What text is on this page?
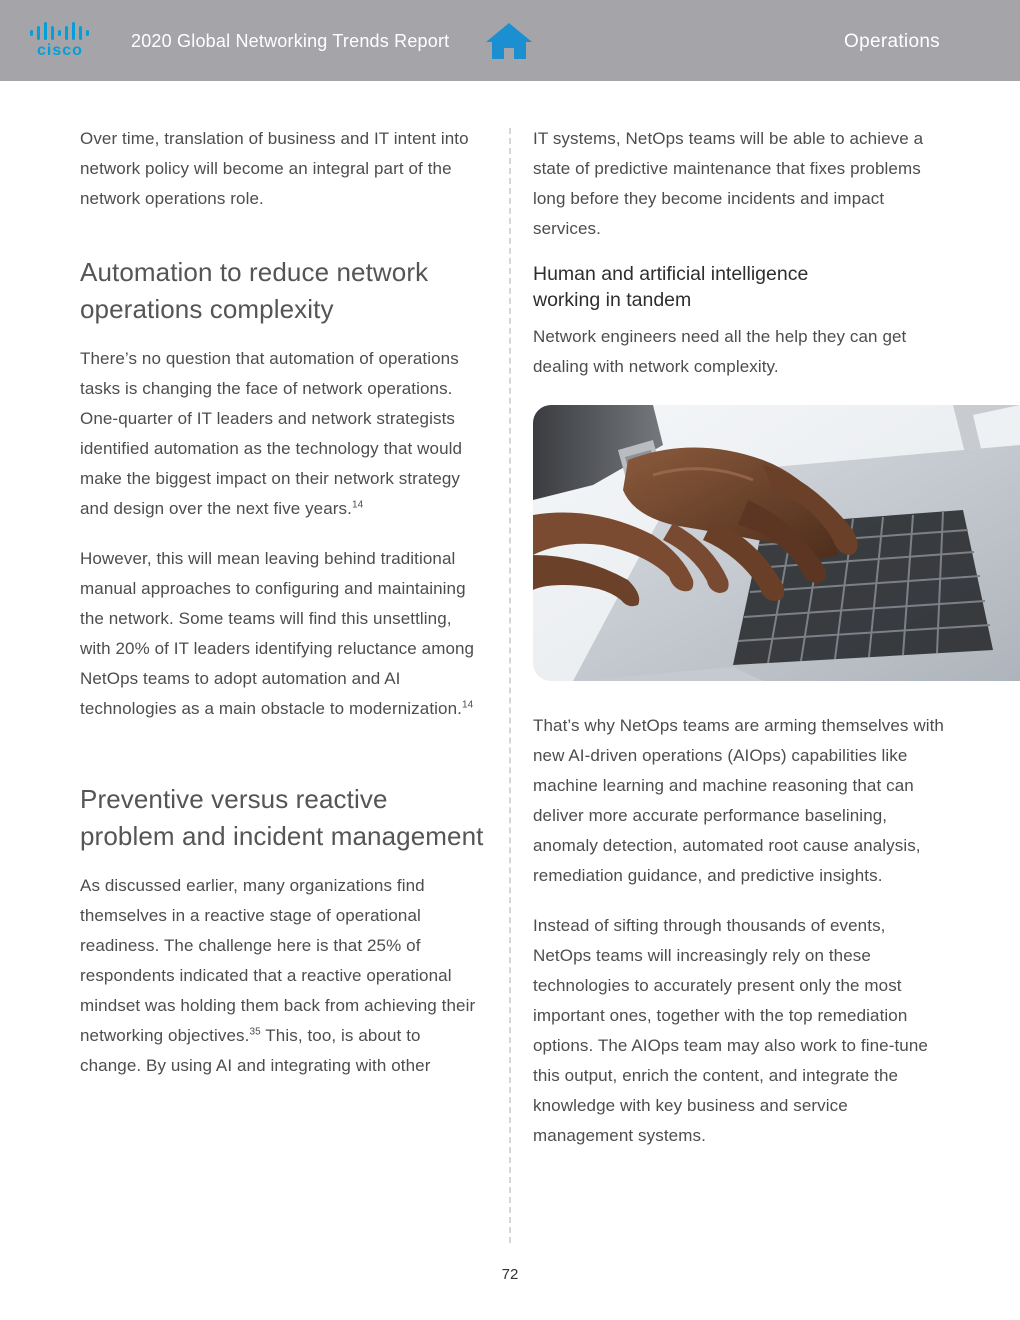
cisco	2020 Global Networking Trends Report	Operations

Over time, translation of business and IT intent into network policy will become an integral part of the network operations role.

Automation to reduce network operations complexity

There’s no question that automation of operations tasks is changing the face of network operations. One-quarter of IT leaders and network strategists identified automation as the technology that would make the biggest impact on their network strategy and design over the next five years.$^{14}$

However, this will mean leaving behind traditional manual approaches to configuring and maintaining the network. Some teams will find this unsettling, with 20% of IT leaders identifying reluctance among NetOps teams to adopt automation and AI technologies as a main obstacle to modernization.$^{14}$

Preventive versus reactive problem and incident management

As discussed earlier, many organizations find themselves in a reactive stage of operational readiness. The challenge here is that 25% of respondents indicated that a reactive operational mindset was holding them back from achieving their networking objectives.$^{35}$ This, too, is about to change. By using AI and integrating with other

IT systems, NetOps teams will be able to achieve a state of predictive maintenance that fixes problems long before they become incidents and impact services.

Human and artificial intelligence working in tandem

Network engineers need all the help they can get dealing with network complexity.

That’s why NetOps teams are arming themselves with new AI-driven operations (AIOps) capabilities like machine learning and machine reasoning that can deliver more accurate performance baselining, anomaly detection, automated root cause analysis, remediation guidance, and predictive insights.

Instead of sifting through thousands of events, NetOps teams will increasingly rely on these technologies to accurately present only the most important ones, together with the top remediation options. The AIOps team may also work to fine-tune this output, enrich the content, and integrate the knowledge with key business and service management systems.

72
